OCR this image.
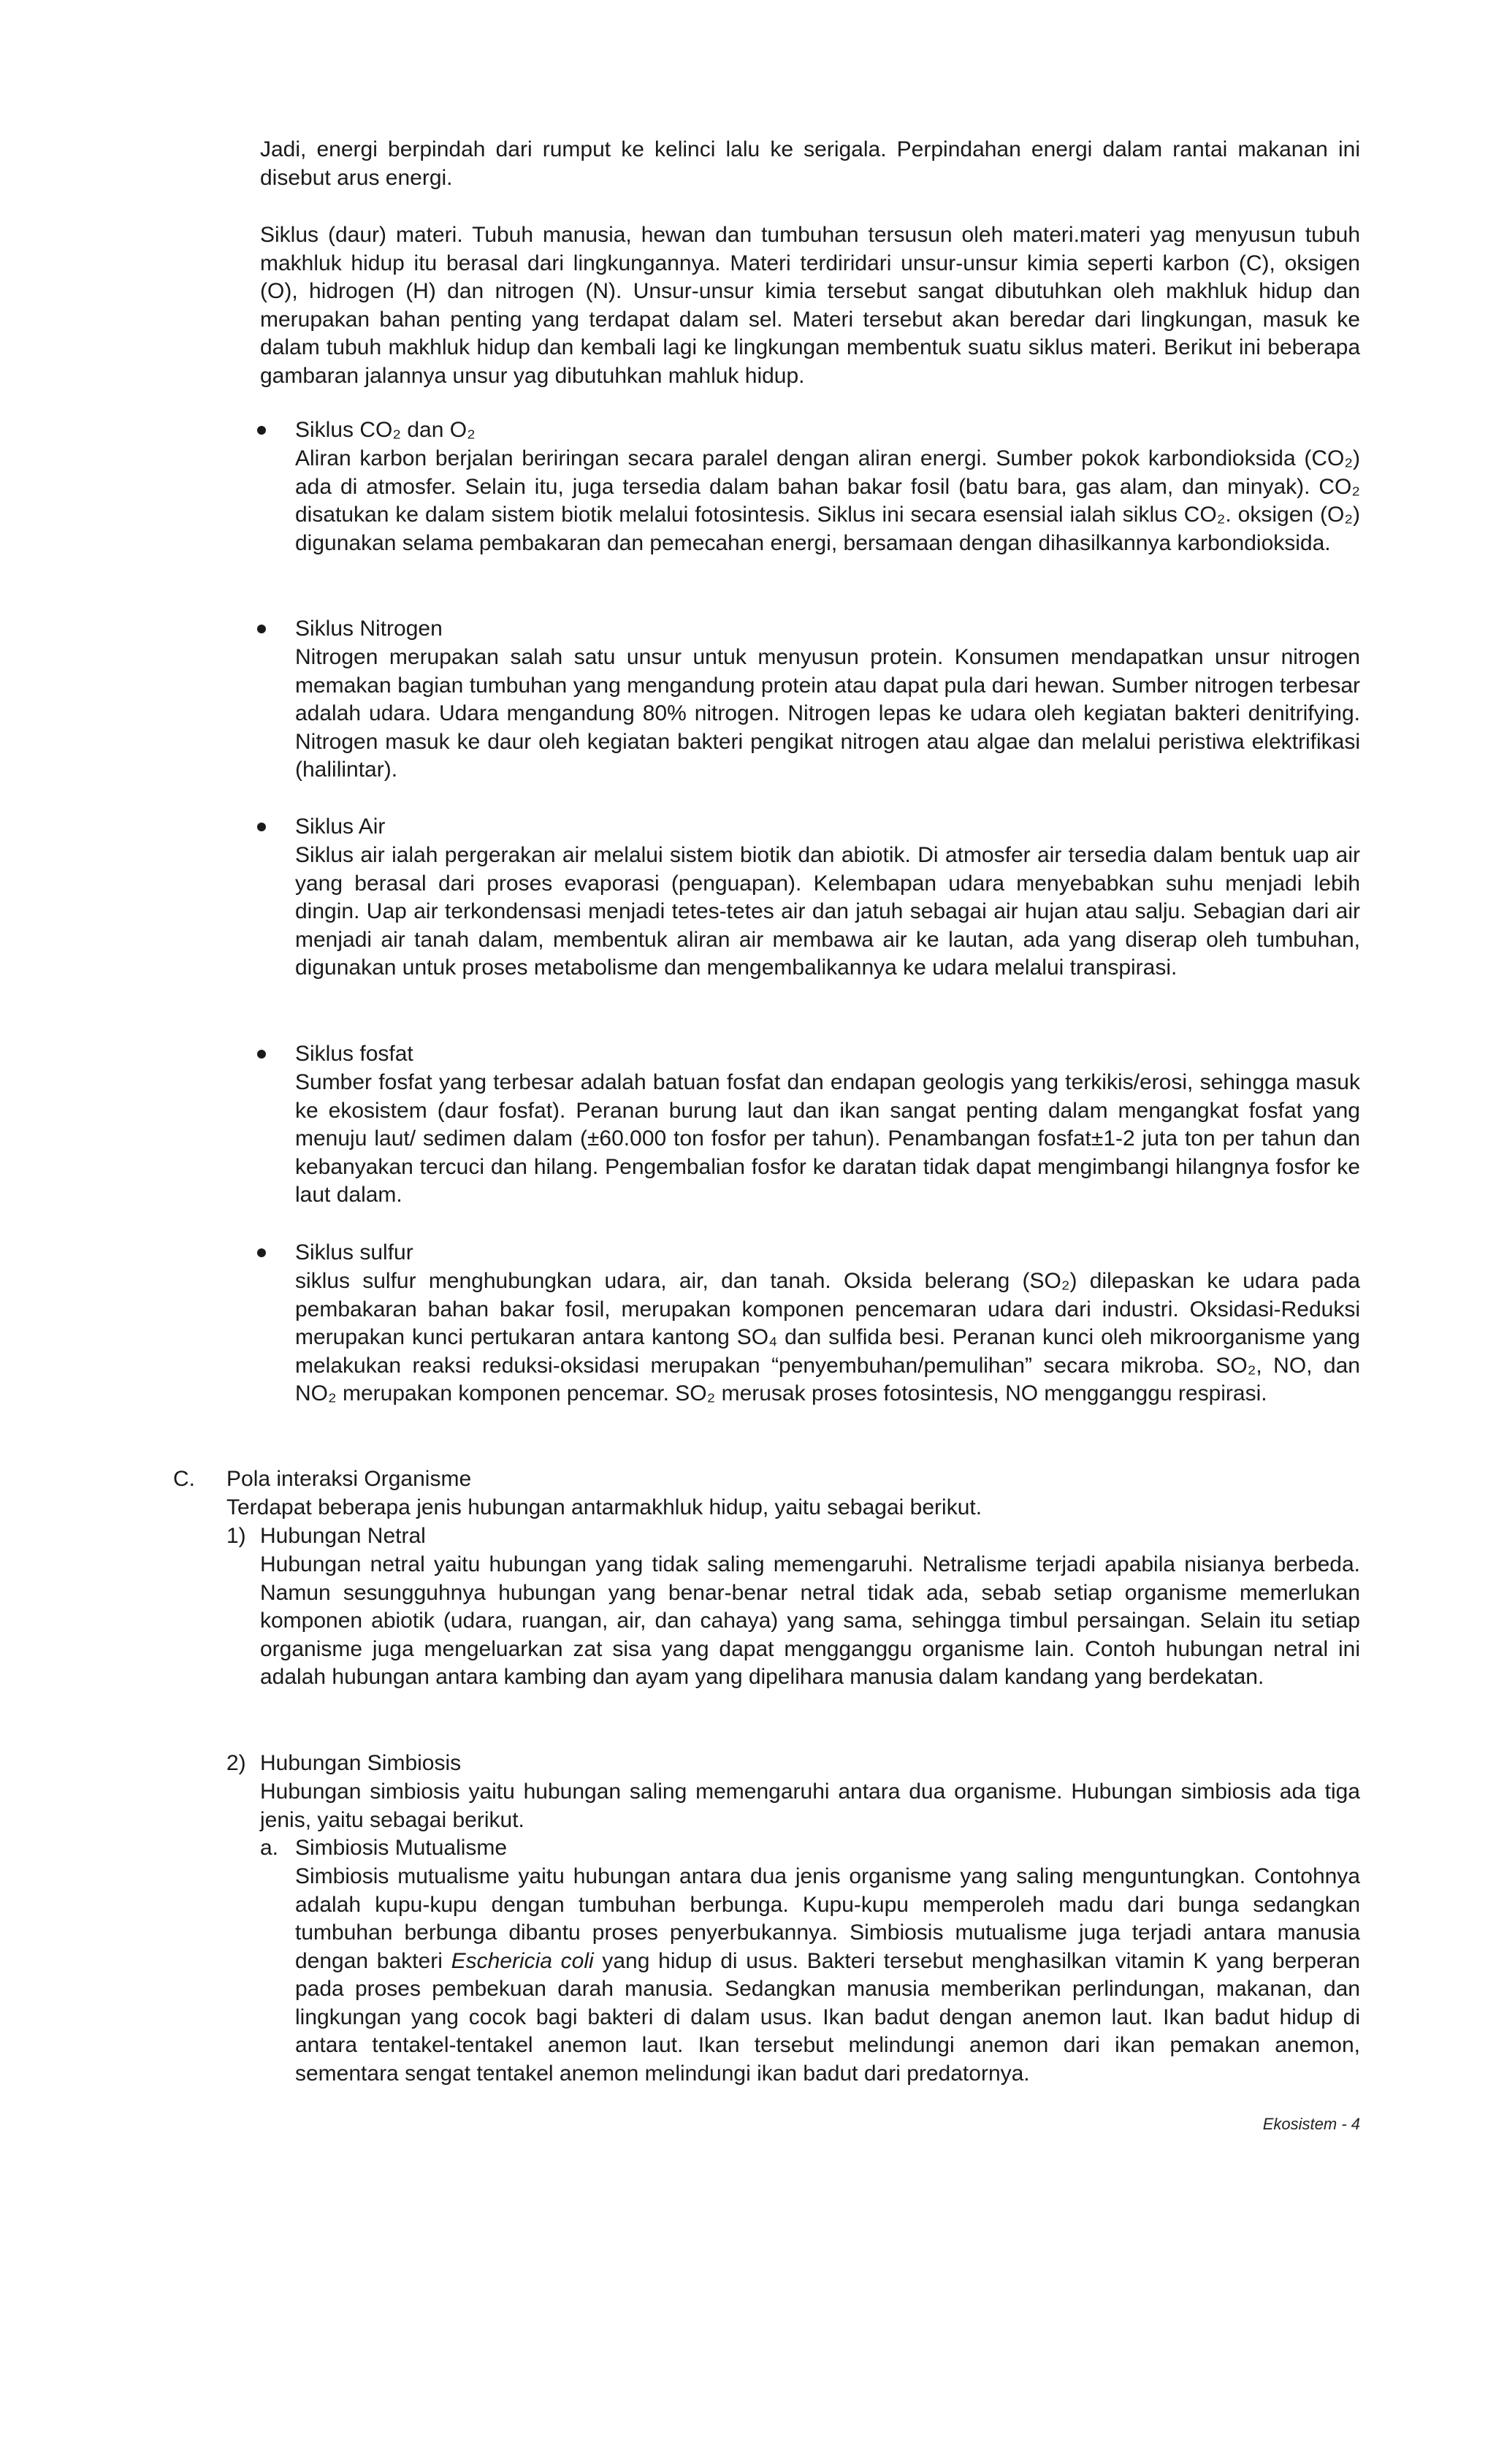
Jadi, energi berpindah dari rumput ke kelinci lalu ke serigala. Perpindahan energi dalam rantai makanan ini disebut arus energi.

Siklus (daur) materi. Tubuh manusia, hewan dan tumbuhan tersusun oleh materi.materi yag menyusun tubuh makhluk hidup itu berasal dari lingkungannya. Materi terdiridari unsur-unsur kimia seperti karbon (C), oksigen (O), hidrogen (H) dan nitrogen (N). Unsur-unsur kimia tersebut sangat dibutuhkan oleh makhluk hidup dan merupakan bahan penting yang terdapat dalam sel. Materi tersebut akan beredar dari lingkungan, masuk ke dalam tubuh makhluk hidup dan kembali lagi ke lingkungan membentuk suatu siklus materi. Berikut ini beberapa gambaran jalannya unsur yag dibutuhkan mahluk hidup.

Siklus CO₂ dan O₂

Aliran karbon berjalan beriringan secara paralel dengan aliran energi. Sumber pokok karbondioksida (CO₂) ada di atmosfer. Selain itu, juga tersedia dalam bahan bakar fosil (batu bara, gas alam, dan minyak). CO₂ disatukan ke dalam sistem biotik melalui fotosintesis. Siklus ini secara esensial ialah siklus CO₂. oksigen (O₂) digunakan selama pembakaran dan pemecahan energi, bersamaan dengan dihasilkannya karbondioksida.

Siklus Nitrogen

Nitrogen merupakan salah satu unsur untuk menyusun protein. Konsumen mendapatkan unsur nitrogen memakan bagian tumbuhan yang mengandung protein atau dapat pula dari hewan. Sumber nitrogen terbesar adalah udara. Udara mengandung 80% nitrogen. Nitrogen lepas ke udara oleh kegiatan bakteri denitrifying. Nitrogen masuk ke daur oleh kegiatan bakteri pengikat nitrogen atau algae dan melalui peristiwa elektrifikasi (halilintar).

Siklus Air

Siklus air ialah pergerakan air melalui sistem biotik dan abiotik. Di atmosfer air tersedia dalam bentuk uap air yang berasal dari proses evaporasi (penguapan). Kelembapan udara menyebabkan suhu menjadi lebih dingin. Uap air terkondensasi menjadi tetes-tetes air dan jatuh sebagai air hujan atau salju. Sebagian dari air menjadi air tanah dalam, membentuk aliran air membawa air ke lautan, ada yang diserap oleh tumbuhan, digunakan untuk proses metabolisme dan mengembalikannya ke udara melalui transpirasi.

Siklus fosfat

Sumber fosfat yang terbesar adalah batuan fosfat dan endapan geologis yang terkikis/erosi, sehingga masuk ke ekosistem (daur fosfat). Peranan burung laut dan ikan sangat penting dalam mengangkat fosfat yang menuju laut/ sedimen dalam (±60.000 ton fosfor per tahun). Penambangan fosfat±1-2 juta ton per tahun dan kebanyakan tercuci dan hilang. Pengembalian fosfor ke daratan tidak dapat mengimbangi hilangnya fosfor ke laut dalam.

Siklus sulfur

siklus sulfur menghubungkan udara, air, dan tanah. Oksida belerang (SO₂) dilepaskan ke udara pada pembakaran bahan bakar fosil, merupakan komponen pencemaran udara dari industri. Oksidasi-Reduksi merupakan kunci pertukaran antara kantong SO₄ dan sulfida besi. Peranan kunci oleh mikroorganisme yang melakukan reaksi reduksi-oksidasi merupakan “penyembuhan/pemulihan” secara mikroba. SO₂, NO, dan NO₂ merupakan komponen pencemar. SO₂ merusak proses fotosintesis, NO mengganggu respirasi.

C. Pola interaksi Organisme
Terdapat beberapa jenis hubungan antarmakhluk hidup, yaitu sebagai berikut.
1) Hubungan Netral

Hubungan netral yaitu hubungan yang tidak saling memengaruhi. Netralisme terjadi apabila nisianya berbeda. Namun sesungguhnya hubungan yang benar-benar netral tidak ada, sebab setiap organisme memerlukan komponen abiotik (udara, ruangan, air, dan cahaya) yang sama, sehingga timbul persaingan. Selain itu setiap organisme juga mengeluarkan zat sisa yang dapat mengganggu organisme lain. Contoh hubungan netral ini adalah hubungan antara kambing dan ayam yang dipelihara manusia dalam kandang yang berdekatan.

2) Hubungan Simbiosis

Hubungan simbiosis yaitu hubungan saling memengaruhi antara dua organisme. Hubungan simbiosis ada tiga jenis, yaitu sebagai berikut.

a. Simbiosis Mutualisme

Simbiosis mutualisme yaitu hubungan antara dua jenis organisme yang saling menguntungkan. Contohnya adalah kupu-kupu dengan tumbuhan berbunga. Kupu-kupu memperoleh madu dari bunga sedangkan tumbuhan berbunga dibantu proses penyerbukannya. Simbiosis mutualisme juga terjadi antara manusia dengan bakteri Eschericia coli yang hidup di usus. Bakteri tersebut menghasilkan vitamin K yang berperan pada proses pembekuan darah manusia. Sedangkan manusia memberikan perlindungan, makanan, dan lingkungan yang cocok bagi bakteri di dalam usus. Ikan badut dengan anemon laut. Ikan badut hidup di antara tentakel-tentakel anemon laut. Ikan tersebut melindungi anemon dari ikan pemakan anemon, sementara sengat tentakel anemon melindungi ikan badut dari predatornya.

Ekosistem - 4
